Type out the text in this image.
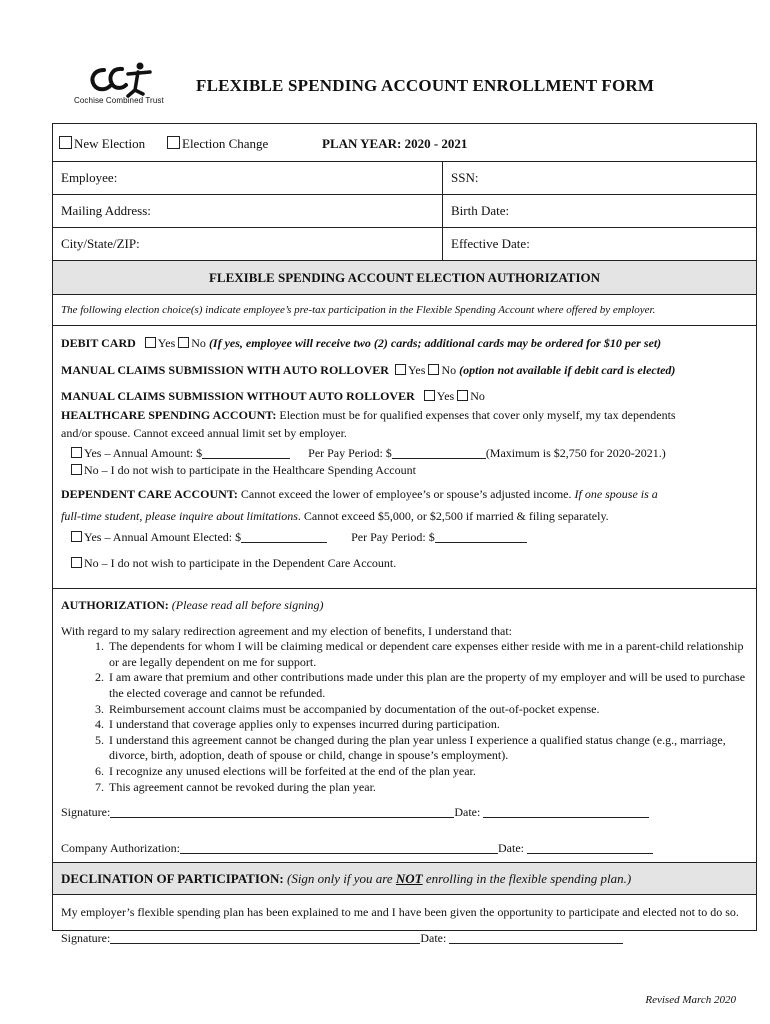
Cochise Combined Trust
FLEXIBLE SPENDING ACCOUNT ENROLLMENT FORM
New Election	Election Change	PLAN YEAR: 2020 - 2021
Employee:	SSN:
Mailing Address:	Birth Date:
City/State/ZIP:	Effective Date:
FLEXIBLE SPENDING ACCOUNT ELECTION AUTHORIZATION
The following election choice(s) indicate employee’s pre-tax participation in the Flexible Spending Account where offered by employer.
DEBIT CARD Yes No (If yes, employee will receive two (2) cards; additional cards may be ordered for $10 per set)
MANUAL CLAIMS SUBMISSION WITH AUTO ROLLOVER Yes No (option not available if debit card is elected)
MANUAL CLAIMS SUBMISSION WITHOUT AUTO ROLLOVER Yes No
HEALTHCARE SPENDING ACCOUNT: Election must be for qualified expenses that cover only myself, my tax dependents
and/or spouse. Cannot exceed annual limit set by employer.
Yes – Annual Amount: $	Per Pay Period: $	(Maximum is $2,750 for 2020-2021.)
No – I do not wish to participate in the Healthcare Spending Account
DEPENDENT CARE ACCOUNT: Cannot exceed the lower of employee’s or spouse’s adjusted income. If one spouse is a
full-time student, please inquire about limitations. Cannot exceed $5,000, or $2,500 if married & filing separately.
Yes – Annual Amount Elected: $	Per Pay Period: $
No – I do not wish to participate in the Dependent Care Account.
AUTHORIZATION: (Please read all before signing)
With regard to my salary redirection agreement and my election of benefits, I understand that:
1. The dependents for whom I will be claiming medical or dependent care expenses either reside with me in a parent-child relationship or are legally dependent on me for support.
2. I am aware that premium and other contributions made under this plan are the property of my employer and will be used to purchase the elected coverage and cannot be refunded.
3. Reimbursement account claims must be accompanied by documentation of the out-of-pocket expense.
4. I understand that coverage applies only to expenses incurred during participation.
5. I understand this agreement cannot be changed during the plan year unless I experience a qualified status change (e.g., marriage, divorce, birth, adoption, death of spouse or child, change in spouse’s employment).
6. I recognize any unused elections will be forfeited at the end of the plan year.
7. This agreement cannot be revoked during the plan year.
Signature:	Date:
Company Authorization:	Date:
DECLINATION OF PARTICIPATION: (Sign only if you are NOT enrolling in the flexible spending plan.)
My employer’s flexible spending plan has been explained to me and I have been given the opportunity to participate and elected not to do so.
Signature:	Date:
Revised March 2020
